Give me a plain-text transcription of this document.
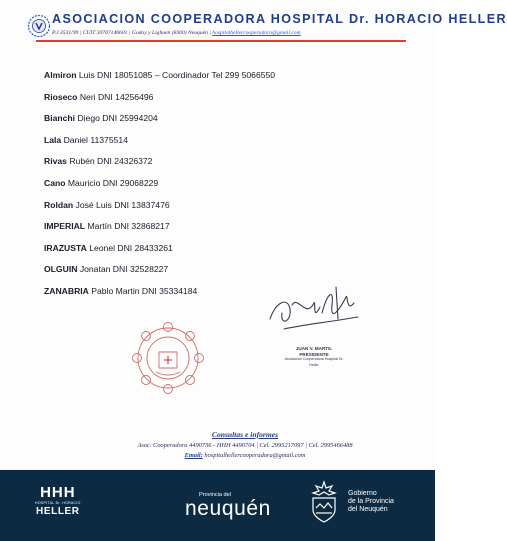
ASOCIACION COOPERADORA HOSPITAL Dr. HORACIO HELLER
P.J 3531/99 | CUIT 30707146601 | Godoy y Lighuen (8300) Neuquén | hospitalhellercooperadora@gmail.com
Almiron Luis DNI 18051085 – Coordinador Tel 299 5066550
Rioseco Neri DNI 14256496
Bianchi Diego DNI 25994204
Lala Daniel 11375514
Rivas Rubén DNI 24326372
Cano Mauricio DNI 29068229
Roldan José Luis DNI 13837476
IMPERIAL Martín DNI 32868217
IRAZUSTA Leonel DNI 28433261
OLGUIN Jonatan DNI 32528227
ZANABRIA Pablo Martin DNI 35334184
JUAN V. MARTIL
PRESIDENTE
Asociación Cooperadora Hospital Dr. Heller
Consultas e informes
Asoc. Cooperadora 4490736 - HHH 4490704 | Cel. 2995217097 | Cel. 2995466488
Email: hospitalhellercooperadora@gmail.com
HHH
HOSPITAL Dr. HORACIO
HELLER
Provincia del
neuquén
Gobierno
de la Provincia
del Neuquén
